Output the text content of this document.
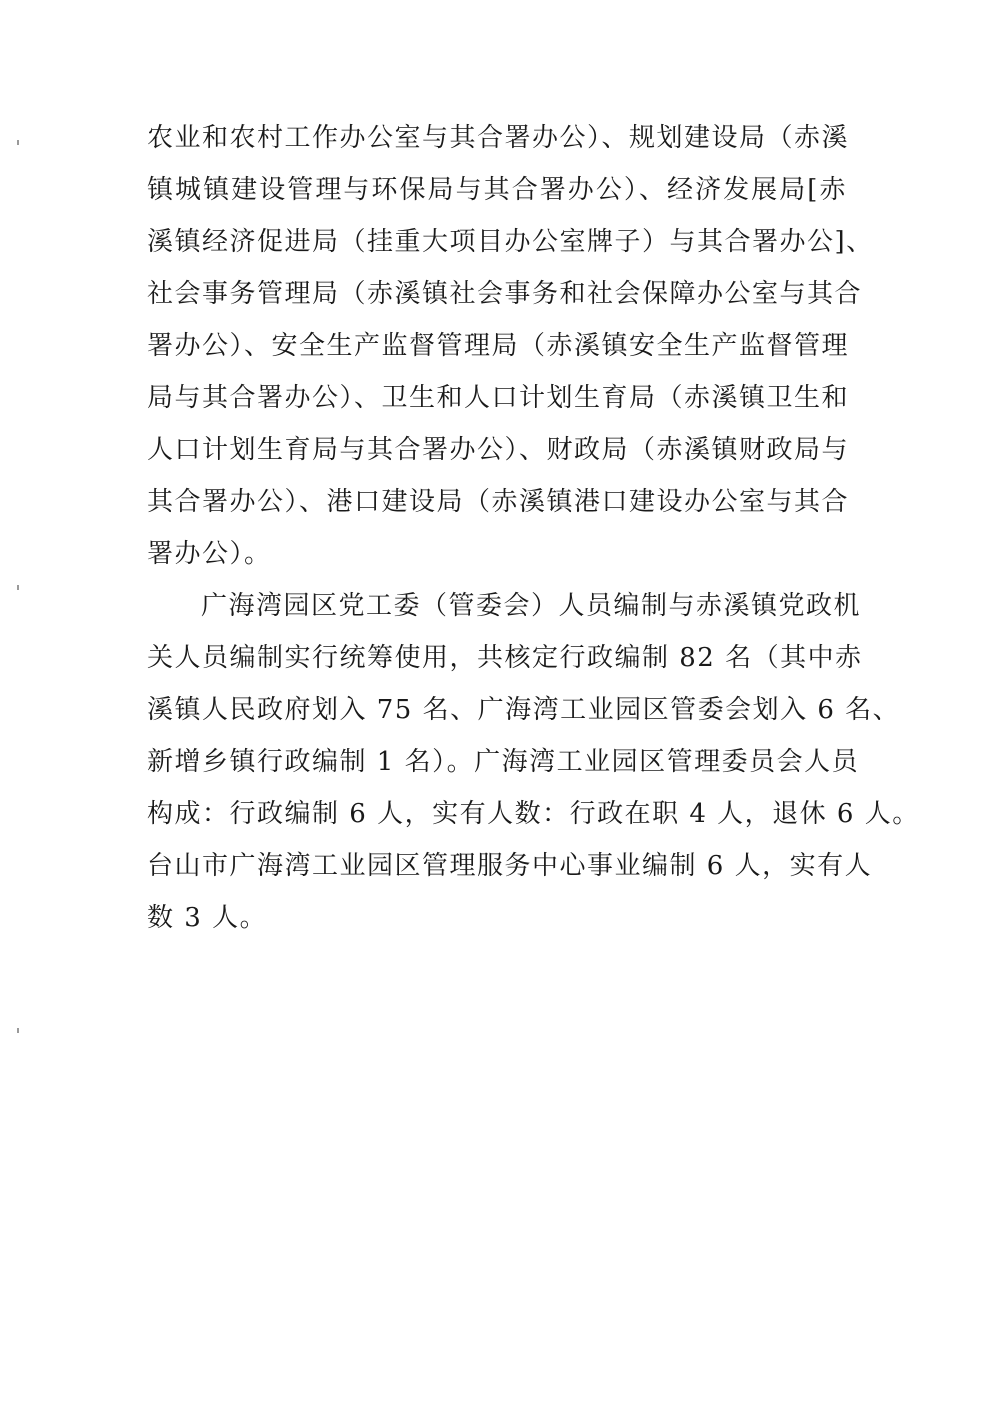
农业和农村工作办公室与其合署办公）、规划建设局（赤溪
镇城镇建设管理与环保局与其合署办公）、经济发展局[赤
溪镇经济促进局（挂重大项目办公室牌子）与其合署办公]、
社会事务管理局（赤溪镇社会事务和社会保障办公室与其合
署办公）、安全生产监督管理局（赤溪镇安全生产监督管理
局与其合署办公）、卫生和人口计划生育局（赤溪镇卫生和
人口计划生育局与其合署办公）、财政局（赤溪镇财政局与
其合署办公）、港口建设局（赤溪镇港口建设办公室与其合
署办公）。
广海湾园区党工委（管委会）人员编制与赤溪镇党政机
关人员编制实行统筹使用，共核定行政编制 82 名（其中赤
溪镇人民政府划入 75 名、广海湾工业园区管委会划入 6 名、
新增乡镇行政编制 1 名）。广海湾工业园区管理委员会人员
构成：行政编制 6 人，实有人数：行政在职 4 人，退休 6 人。
台山市广海湾工业园区管理服务中心事业编制 6 人，实有人
数 3 人。
